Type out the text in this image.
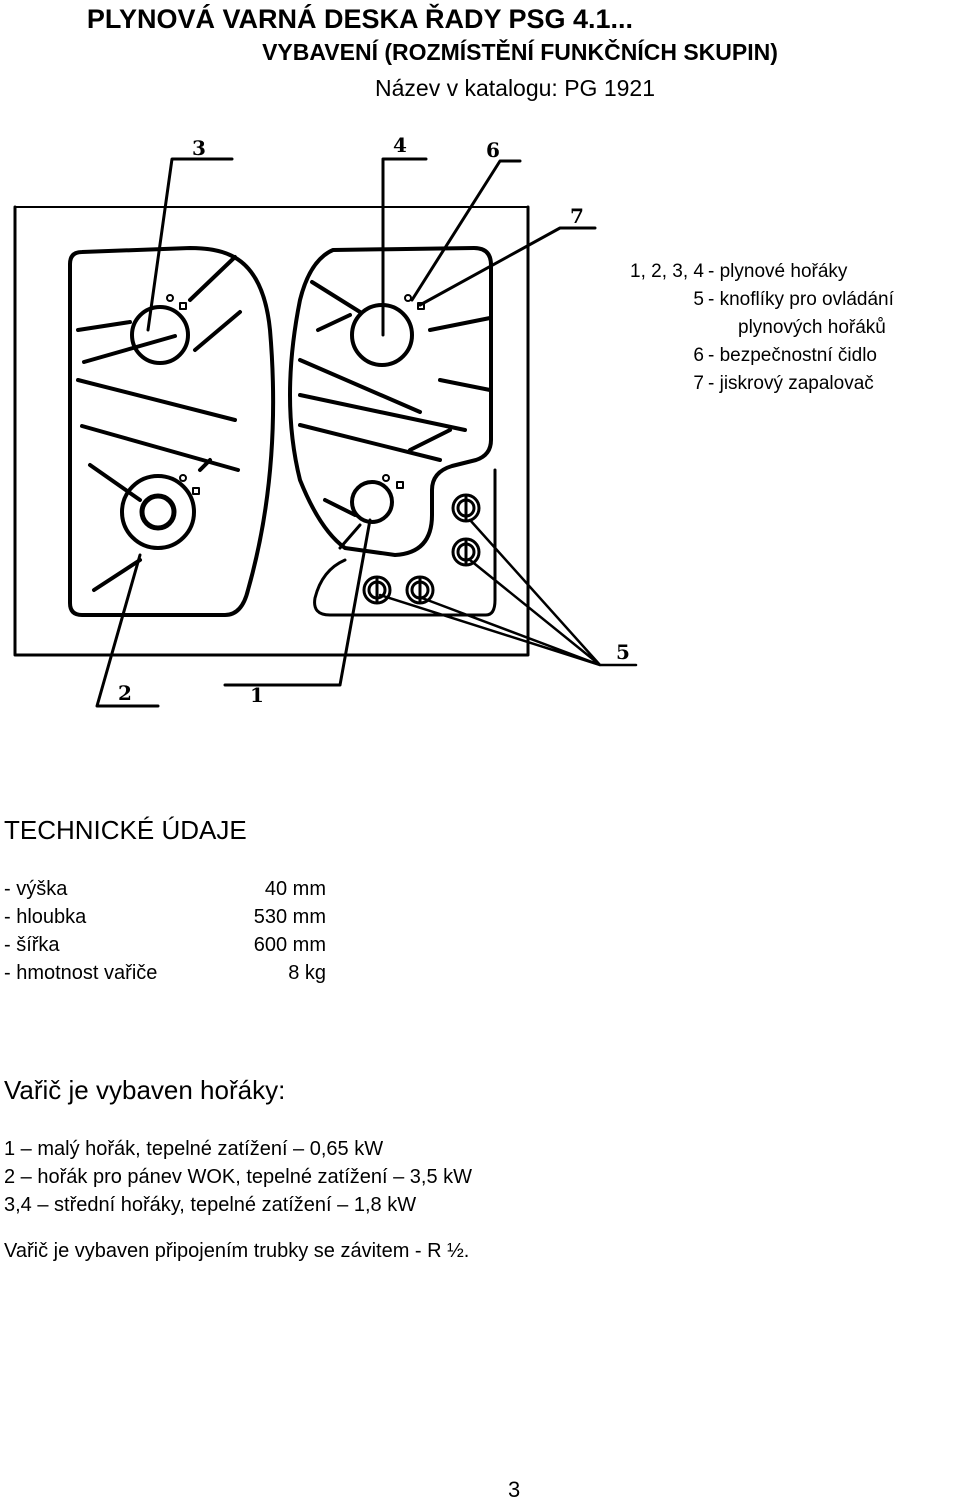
PLYNOVÁ VARNÁ DESKA ŘADY PSG 4.1...
VYBAVENÍ (ROZMÍSTĚNÍ FUNKČNÍCH SKUPIN)
Název v katalogu: PG 1921
3	4	6
7
5
2	1
1, 2, 3, 4 - plynové hořáky
5 - knoflíky pro ovládání
plynových hořáků
6 - bezpečnostní čidlo
7 - jiskrový zapalovač
TECHNICKÉ ÚDAJE
- výška	40 mm
- hloubka	530 mm
- šířka	600 mm
- hmotnost vařiče	8 kg
Vařič je vybaven hořáky:
1 – malý hořák, tepelné zatížení – 0,65 kW
2 – hořák pro pánev WOK, tepelné zatížení – 3,5 kW
3,4 – střední hořáky, tepelné zatížení – 1,8 kW
Vařič je vybaven připojením trubky se závitem - R ½.
3
